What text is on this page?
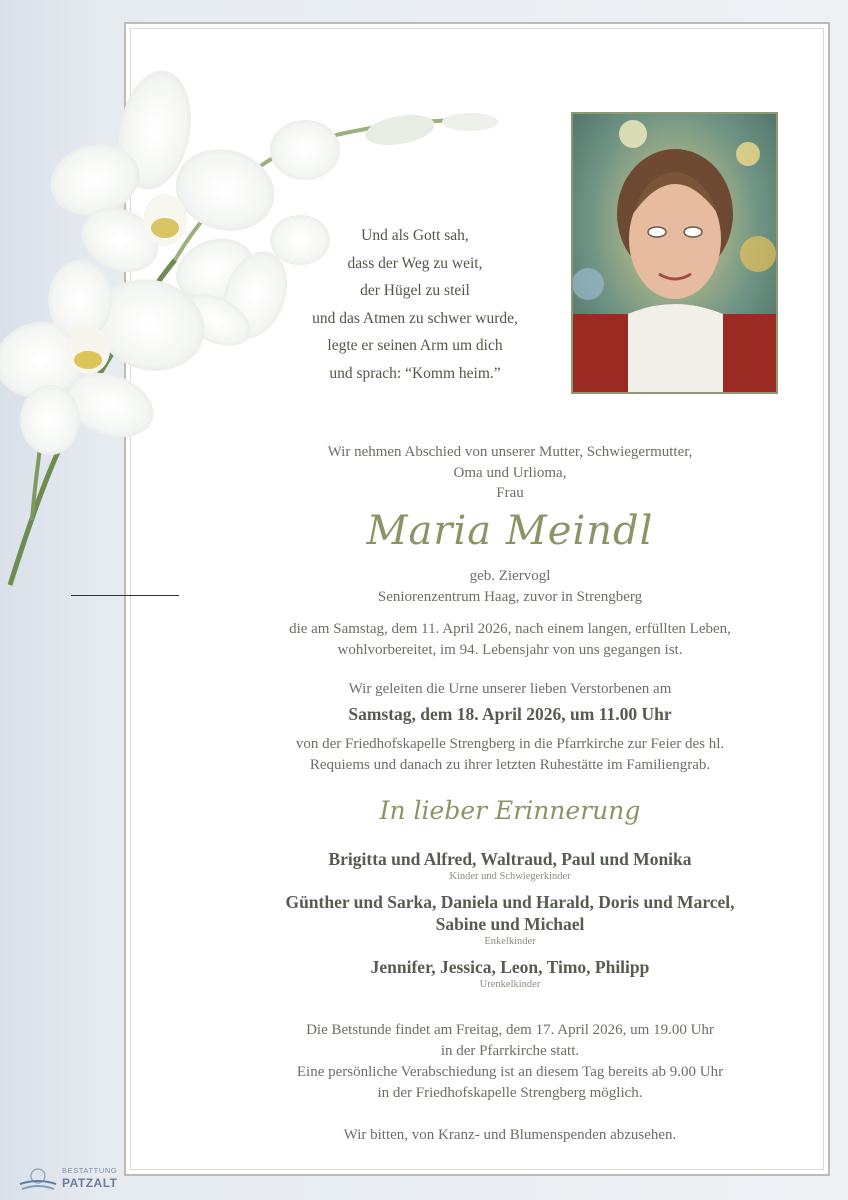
Und als Gott sah,
dass der Weg zu weit,
der Hügel zu steil
und das Atmen zu schwer wurde,
legte er seinen Arm um dich
und sprach: “Komm heim.”
Wir nehmen Abschied von unserer Mutter, Schwiegermutter,
Oma und Urlioma,
Frau
Maria Meindl
geb. Ziervogl
Seniorenzentrum Haag, zuvor in Strengberg
die am Samstag, dem 11. April 2026, nach einem langen, erfüllten Leben,
wohlvorbereitet, im 94. Lebensjahr von uns gegangen ist.
Wir geleiten die Urne unserer lieben Verstorbenen am
Samstag, dem 18. April 2026, um 11.00 Uhr
von der Friedhofskapelle Strengberg in die Pfarrkirche zur Feier des hl.
Requiems und danach zu ihrer letzten Ruhestätte im Familiengrab.
In lieber Erinnerung
Brigitta und Alfred, Waltraud, Paul und Monika
Kinder und Schwiegerkinder
Günther und Sarka, Daniela und Harald, Doris und Marcel,
Sabine und Michael
Enkelkinder
Jennifer, Jessica, Leon, Timo, Philipp
Urenkelkinder
Die Betstunde findet am Freitag, dem 17. April 2026, um 19.00 Uhr
in der Pfarrkirche statt.
Eine persönliche Verabschiedung ist an diesem Tag bereits ab 9.00 Uhr
in der Friedhofskapelle Strengberg möglich.
Wir bitten, von Kranz- und Blumenspenden abzusehen.
BESTATTUNG
PATZALT
